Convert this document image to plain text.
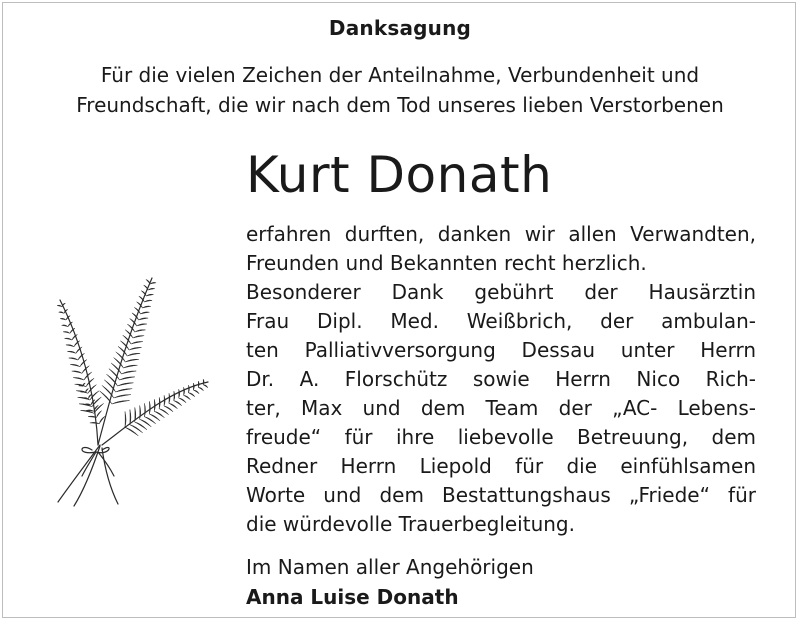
Danksagung
Für die vielen Zeichen der Anteilnahme, Verbundenheit und
Freundschaft, die wir nach dem Tod unseres lieben Verstorbenen
Kurt Donath
erfahren durften, danken wir allen Verwandten,
Freunden und Bekannten recht herzlich.
Besonderer Dank gebührt der Hausärztin
Frau Dipl. Med. Weißbrich, der ambulan-
ten Palliativversorgung Dessau unter Herrn
Dr. A. Florschütz sowie Herrn Nico Rich-
ter, Max und dem Team der „AC- Lebens-
freude“ für ihre liebevolle Betreuung, dem
Redner Herrn Liepold für die einfühlsamen
Worte und dem Bestattungshaus „Friede“ für
die würdevolle Trauerbegleitung.
Im Namen aller Angehörigen
Anna Luise Donath
